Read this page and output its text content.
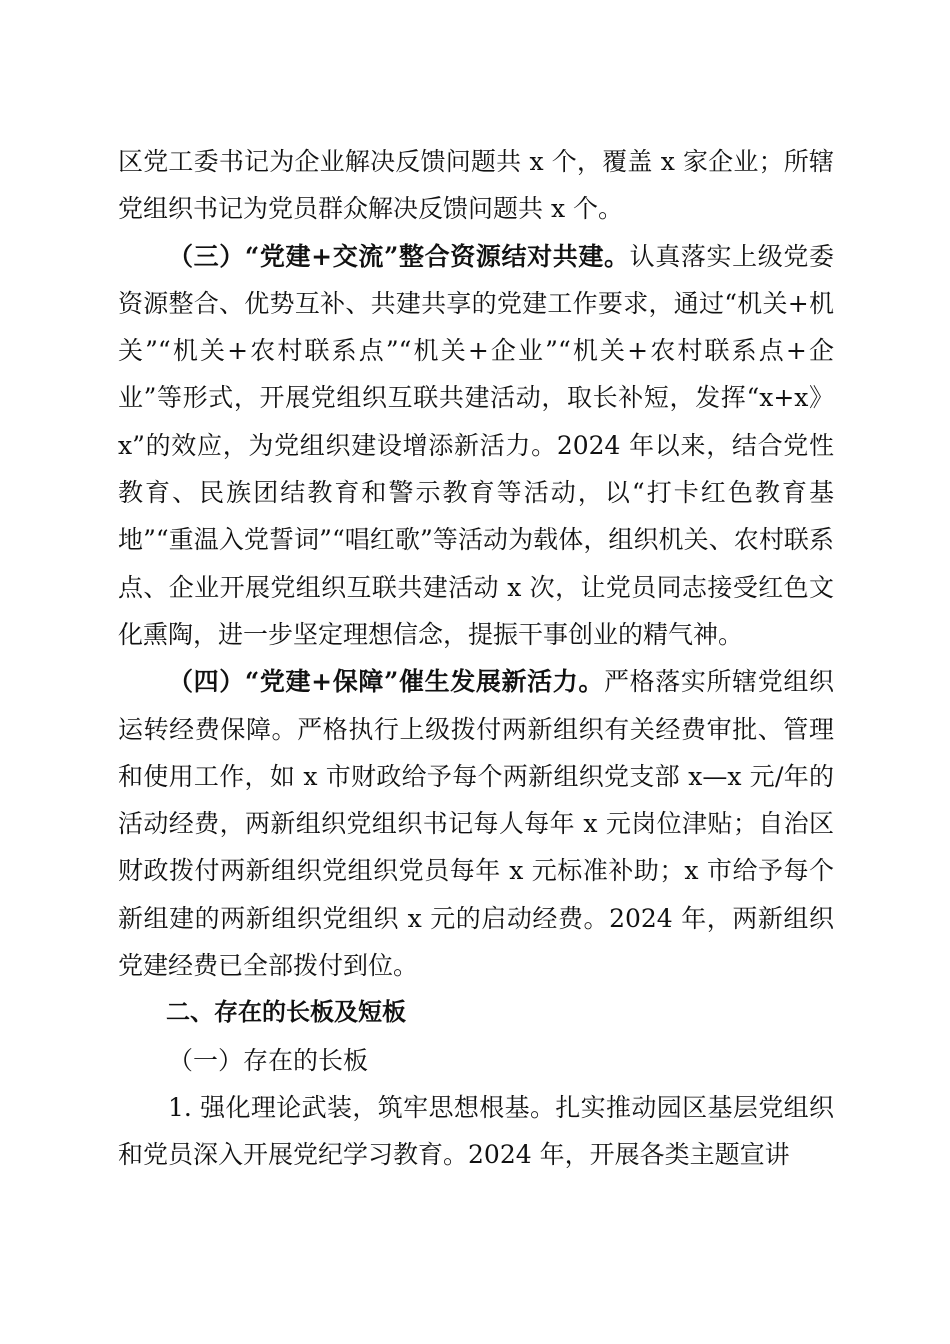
区党工委书记为企业解决反馈问题共 x 个，覆盖 x 家企业；所辖党组织书记为党员群众解决反馈问题共 x 个。

（三）“党建+交流”整合资源结对共建。认真落实上级党委资源整合、优势互补、共建共享的党建工作要求，通过“机关+机关”“机关+农村联系点”“机关+企业”“机关+农村联系点+企业”等形式，开展党组织互联共建活动，取长补短，发挥“x+x》x”的效应，为党组织建设增添新活力。2024 年以来，结合党性教育、民族团结教育和警示教育等活动，以“打卡红色教育基地”“重温入党誓词”“唱红歌”等活动为载体，组织机关、农村联系点、企业开展党组织互联共建活动 x 次，让党员同志接受红色文化熏陶，进一步坚定理想信念，提振干事创业的精气神。

（四）“党建+保障”催生发展新活力。严格落实所辖党组织运转经费保障。严格执行上级拨付两新组织有关经费审批、管理和使用工作，如 x 市财政给予每个两新组织党支部 x—x 元/年的活动经费，两新组织党组织书记每人每年 x 元岗位津贴；自治区财政拨付两新组织党组织党员每年 x 元标准补助；x 市给予每个新组建的两新组织党组织 x 元的启动经费。2024 年，两新组织党建经费已全部拨付到位。

二、存在的长板及短板

（一）存在的长板

1. 强化理论武装，筑牢思想根基。扎实推动园区基层党组织和党员深入开展党纪学习教育。2024 年，开展各类主题宣讲
